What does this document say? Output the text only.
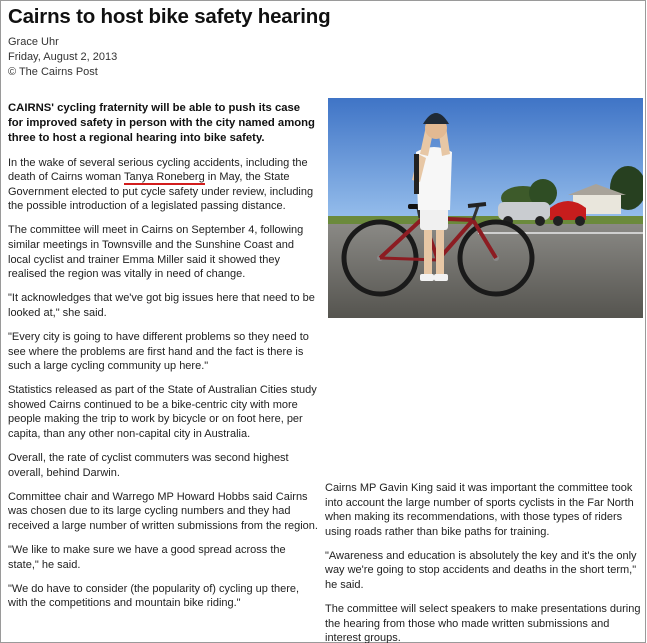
Cairns to host bike safety hearing
Grace Uhr
Friday, August 2, 2013
© The Cairns Post

CAIRNS' cycling fraternity will be able to push its case for improved safety in person with the city named among three to host a regional hearing into bike safety.

In the wake of several serious cycling accidents, including the death of Cairns woman Tanya Roneberg in May, the State Government elected to put cycle safety under review, including the possible introduction of a legislated passing distance.

The committee will meet in Cairns on September 4, following similar meetings in Townsville and the Sunshine Coast and local cyclist and trainer Emma Miller said it showed they realised the region was vitally in need of change.

"It acknowledges that we've got big issues here that need to be looked at," she said.

"Every city is going to have different problems so they need to see where the problems are first hand and the fact is there is such a large cycling community up here."

Statistics released as part of the State of Australian Cities study showed Cairns continued to be a bike-centric city with more people making the trip to work by bicycle or on foot here, per capita, than any other non-capital city in Australia.

Overall, the rate of cyclist commuters was second highest overall, behind Darwin.

Committee chair and Warrego MP Howard Hobbs said Cairns was chosen due to its large cycling numbers and they had received a large number of written submissions from the region.

"We like to make sure we have a good spread across the state," he said.

"We do have to consider (the popularity of) cycling up there, with the competitions and mountain bike riding."

Cairns MP Gavin King said it was important the committee took into account the large number of sports cyclists in the Far North when making its recommendations, with those types of riders using roads rather than bike paths for training.

"Awareness and education is absolutely the key and it's the only way we're going to stop accidents and deaths in the short term," he said.

The committee will select speakers to make presentations during the hearing from those who made written submissions and interest groups.
